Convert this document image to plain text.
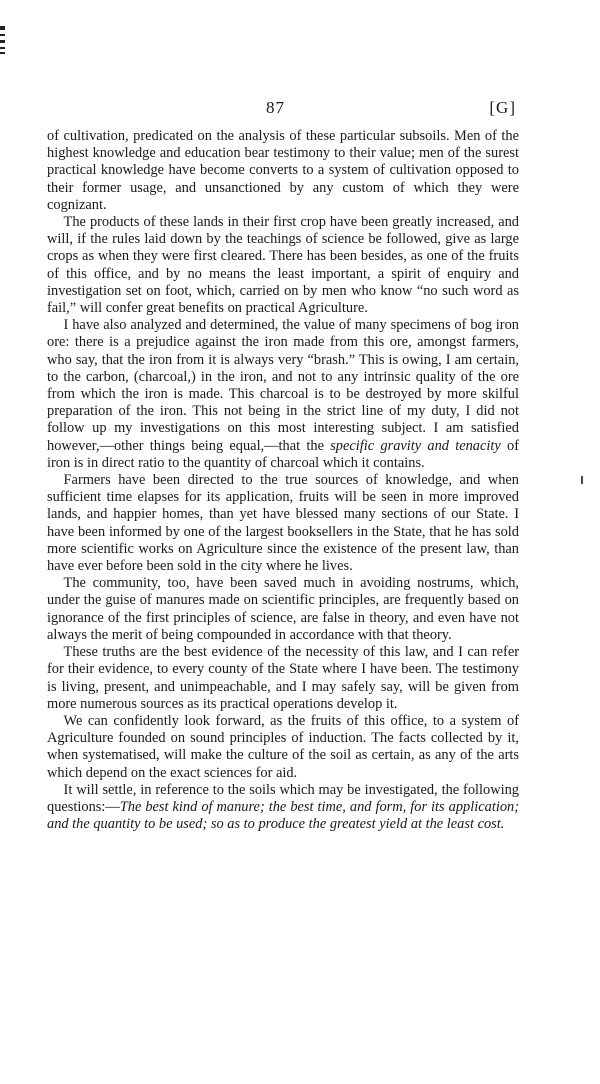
87	[G]

of cultivation, predicated on the analysis of these particular subsoils. Men of the highest knowledge and education bear testimony to their value; men of the surest practical knowledge have become converts to a system of cultivation opposed to their former usage, and unsanctioned by any custom of which they were cognizant.

The products of these lands in their first crop have been greatly increased, and will, if the rules laid down by the teachings of science be followed, give as large crops as when they were first cleared. There has been besides, as one of the fruits of this office, and by no means the least important, a spirit of enquiry and investigation set on foot, which, carried on by men who know “no such word as fail,” will confer great benefits on practical Agriculture.

I have also analyzed and determined, the value of many specimens of bog iron ore: there is a prejudice against the iron made from this ore, amongst farmers, who say, that the iron from it is always very “brash.” This is owing, I am certain, to the carbon, (charcoal,) in the iron, and not to any intrinsic quality of the ore from which the iron is made. This charcoal is to be destroyed by more skilful preparation of the iron. This not being in the strict line of my duty, I did not follow up my investigations on this most interesting subject. I am satisfied however,—other things being equal,—that the specific gravity and tenacity of iron is in direct ratio to the quantity of charcoal which it contains.

Farmers have been directed to the true sources of knowledge, and when sufficient time elapses for its application, fruits will be seen in more improved lands, and happier homes, than yet have blessed many sections of our State. I have been informed by one of the largest booksellers in the State, that he has sold more scientific works on Agriculture since the existence of the present law, than have ever before been sold in the city where he lives.

The community, too, have been saved much in avoiding nostrums, which, under the guise of manures made on scientific principles, are frequently based on ignorance of the first principles of science, are false in theory, and even have not always the merit of being compounded in accordance with that theory.

These truths are the best evidence of the necessity of this law, and I can refer for their evidence, to every county of the State where I have been. The testimony is living, present, and unimpeachable, and I may safely say, will be given from more numerous sources as its practical operations develop it.

We can confidently look forward, as the fruits of this office, to a system of Agriculture founded on sound principles of induction. The facts collected by it, when systematised, will make the culture of the soil as certain, as any of the arts which depend on the exact sciences for aid.

It will settle, in reference to the soils which may be investigated, the following questions:—The best kind of manure; the best time, and form, for its application; and the quantity to be used; so as to produce the greatest yield at the least cost.
